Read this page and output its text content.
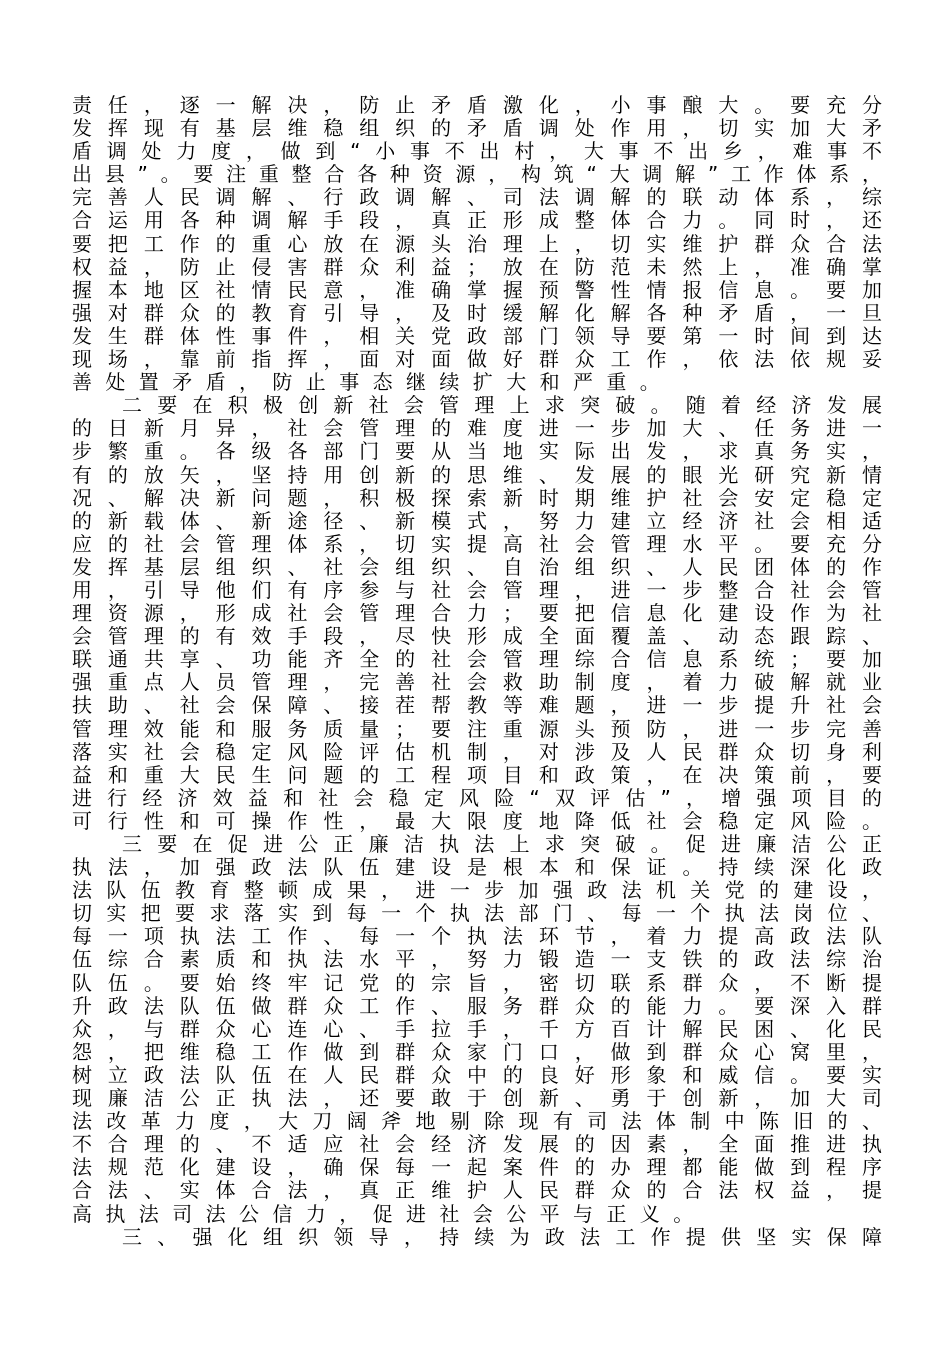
责任，逐一解决，防止矛盾激化，小事酿大。要充分
发挥现有基层维稳组织的矛盾调处作用，切实加大矛
盾调处力度，做到“小事不出村，大事不出乡，难事不
出县”。要注重整合各种资源，构筑“大调解”工作体系，
完善人民调解、行政调解、司法调解的联动体系，综
合运用各种调解手段，真正形成整体合力。同时，还
要把工作的重心放在源头治理上，切实维护群众合法
权益，防止侵害群众利益；放在防范未然上，准确掌
握本地区社情民意，准确掌握预警性情报信息。要加
强对群众的教育引导，及时缓解化解各种矛盾，一旦
发生群体性事件，相关党政部门领导要第一时间到达
现场，靠前指挥，面对面做好群众工作，依法依规妥
善处置矛盾，防止事态继续扩大和严重。
二要在积极创新社会管理上求突破。随着经济发展
的日新月异，社会管理的难度进一步加大、任务进一
步繁重。各级各部门要从当地实际出发，求真务实，
有的放矢，坚持用创新的思维、发展的眼光研究新情
况、解决新问题，积极探索新时期维护社会安定稳定
的新载体、新途径、新模式，努力建立经济社会相适
应的社会管理体系，切实提高社会管理水平。要充分
发挥基层组织、社会组织、自治组织、人民团体的作
用，引导他们有序参与社会管理，进一步整合社会管
理资源，形成社会管理合力；要把信息化建设作为社
会管理的有效手段，尽快形成全面覆盖、动态跟踪、
联通共享、功能齐全的社会管理综合信息系统；要加
强重点人员管理，完善社会救助制度，着力破解就业
扶助、社会保障、接茬帮教等难题，进一步提升社会
管理效能和服务质量；要注重源头预防，进一步完善
落实社会稳定风险评估机制，对涉及人民群众切身利
益和重大民生问题的工程项目和政策，在决策前，要
进行经济效益和社会稳定风险“双评估”，增强项目的
可行性和可操作性，最大限度地降低社会稳定风险。
三要在促进公正廉洁执法上求突破。促进廉洁公正
执法，加强政法队伍建设是根本和保证。持续深化政
法队伍教育整顿成果，进一步加强政法机关党的建设，
切实把要求落实到每一个执法部门、每一个执法岗位、
每一项执法工作、每一个执法环节，着力提高政法队
伍综合素质和执法水平，努力锻造一支铁的政法综治
队伍。要始终牢记党的宗旨，密切联系群众，不断提
升政法队伍做群众工作、服务群众的能力。要深入群
众，与群众心连心、手拉手，千方百计解民困、化民
怨，把维稳工作做到群众家门口，做到群众心窝里，
树立政法队伍在人民群众中的良好形象和威信。要实
现廉洁公正执法，还要敢于创新、勇于创新，加大司
法改革力度，大刀阔斧地剔除现有司法体制中陈旧的、
不合理的、不适应社会经济发展的因素，全面推进执
法规范化建设，确保每一起案件的办理都能做到程序
合法、实体合法，真正维护人民群众的合法权益，提
高执法司法公信力，促进社会公平与正义。
三、强化组织领导，持续为政法工作提供坚实保障
